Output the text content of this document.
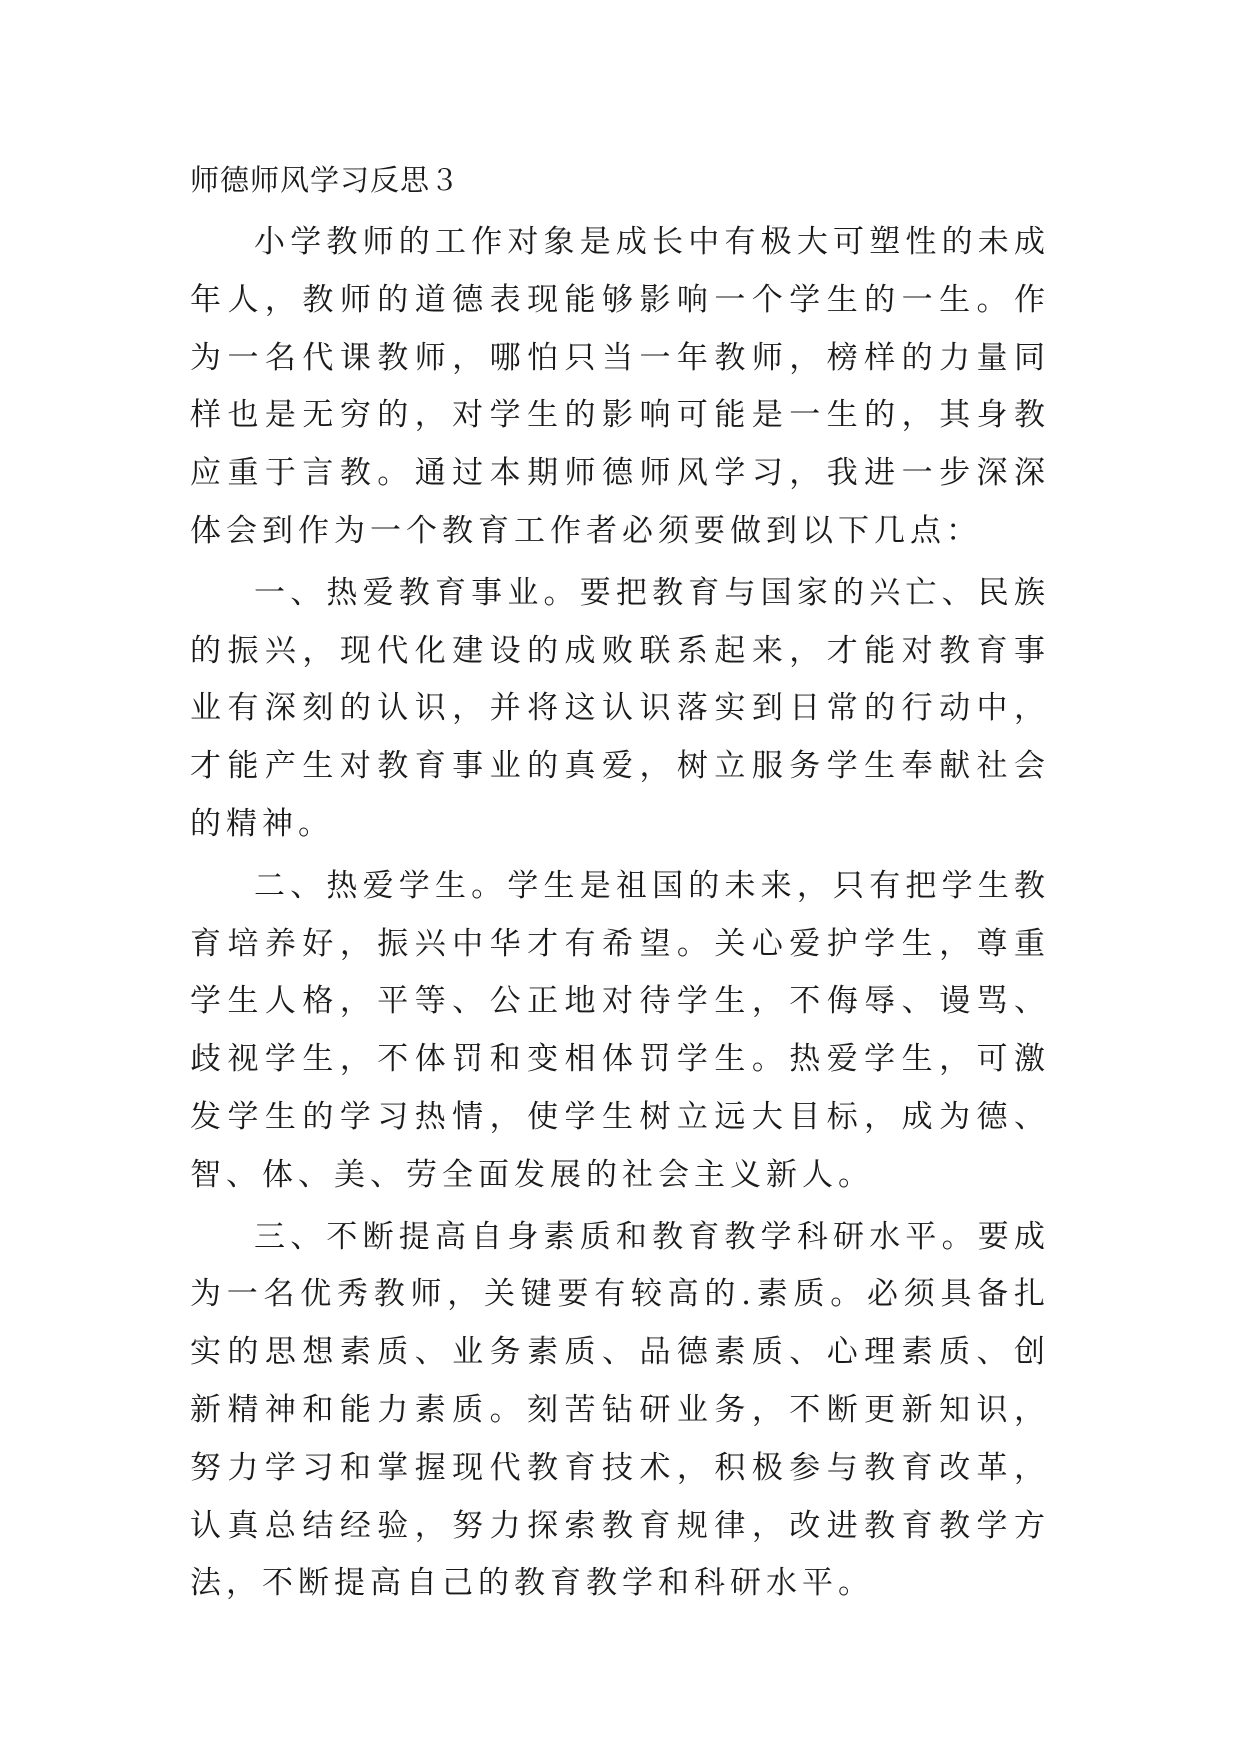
师德师风学习反思３

小学教师的工作对象是成长中有极大可塑性的未成年人，教师的道德表现能够影响一个学生的一生。作为一名代课教师，哪怕只当一年教师，榜样的力量同样也是无穷的，对学生的影响可能是一生的，其身教应重于言教。通过本期师德师风学习，我进一步深深体会到作为一个教育工作者必须要做到以下几点：

一、热爱教育事业。要把教育与国家的兴亡、民族的振兴，现代化建设的成败联系起来，才能对教育事业有深刻的认识，并将这认识落实到日常的行动中，才能产生对教育事业的真爱，树立服务学生奉献社会的精神。

二、热爱学生。学生是祖国的未来，只有把学生教育培养好，振兴中华才有希望。关心爱护学生，尊重学生人格，平等、公正地对待学生，不侮辱、谩骂、歧视学生，不体罚和变相体罚学生。热爱学生，可激发学生的学习热情，使学生树立远大目标，成为德、智、体、美、劳全面发展的社会主义新人。

三、不断提高自身素质和教育教学科研水平。要成为一名优秀教师，关键要有较高的.素质。必须具备扎实的思想素质、业务素质、品德素质、心理素质、创新精神和能力素质。刻苦钻研业务，不断更新知识，努力学习和掌握现代教育技术，积极参与教育改革，认真总结经验，努力探索教育规律，改进教育教学方法，不断提高自己的教育教学和科研水平。
